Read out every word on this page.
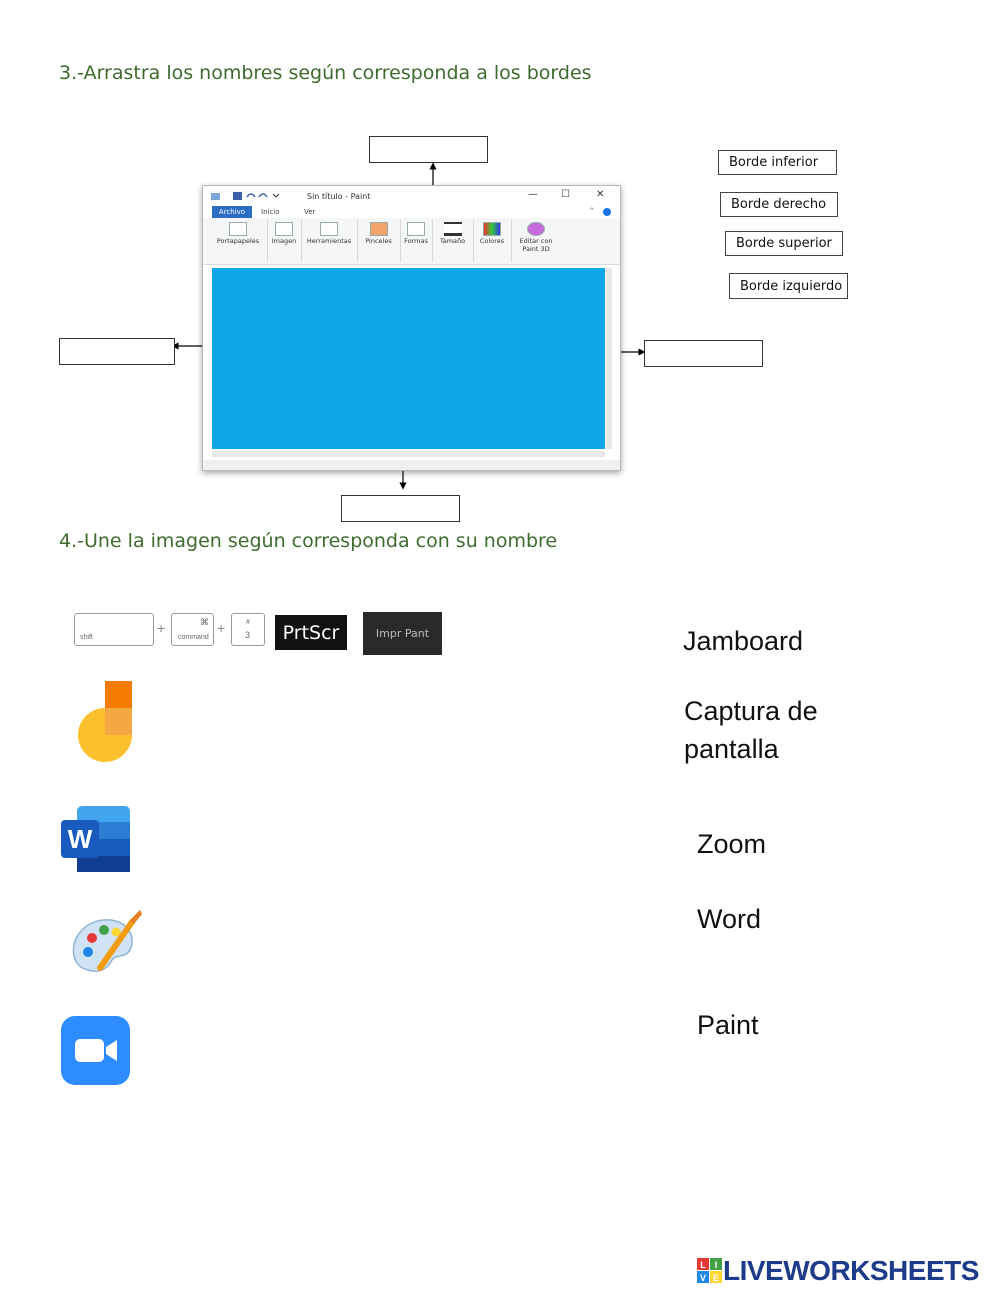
3.-Arrastra los nombres según corresponda a los bordes
Borde inferior
Borde derecho
Borde superior
Borde izquierdo
Sin título - Paint	— ☐	✕
Archivo	Inicio	Ver	^
Portapapeles	Imagen	Herramientas	Pinceles	Formas	Tamaño	Colores	Editar con Paint 3D
4.-Une la imagen según corresponda con su nombre
shift
+	⌘
command
+	#
3	PrtScr	Impr Pant
W
Jamboard
Captura de pantalla
Zoom
Word
Paint
L I
V E LIVEWORKSHEETS
